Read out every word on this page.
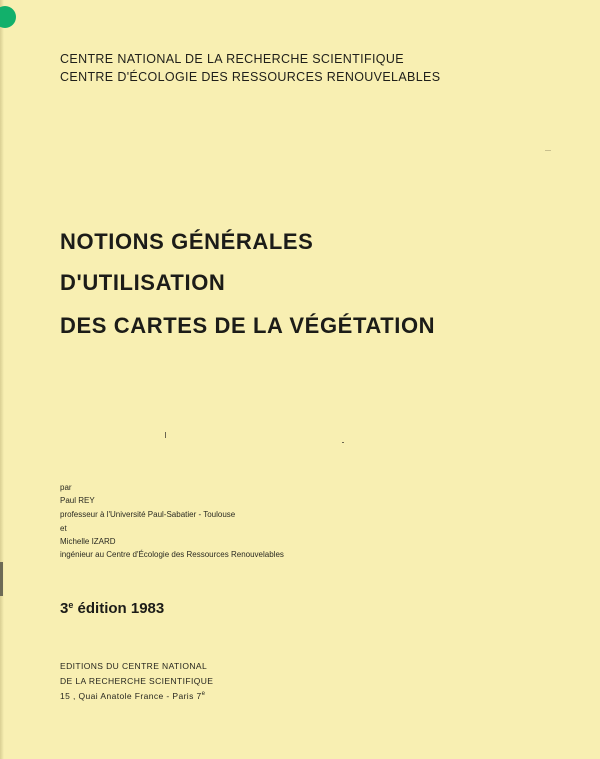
CENTRE NATIONAL DE LA RECHERCHE SCIENTIFIQUE
CENTRE D'ÉCOLOGIE DES RESSOURCES RENOUVELABLES
NOTIONS GÉNÉRALES
D'UTILISATION
DES CARTES DE LA VÉGÉTATION
par
Paul REY
professeur à l'Université Paul-Sabatier - Toulouse
et
Michelle IZARD
ingénieur au Centre d'Écologie des Ressources Renouvelables
3e édition 1983
EDITIONS DU CENTRE NATIONAL
DE LA RECHERCHE SCIENTIFIQUE
15 , Quai Anatole France - Paris 7e
